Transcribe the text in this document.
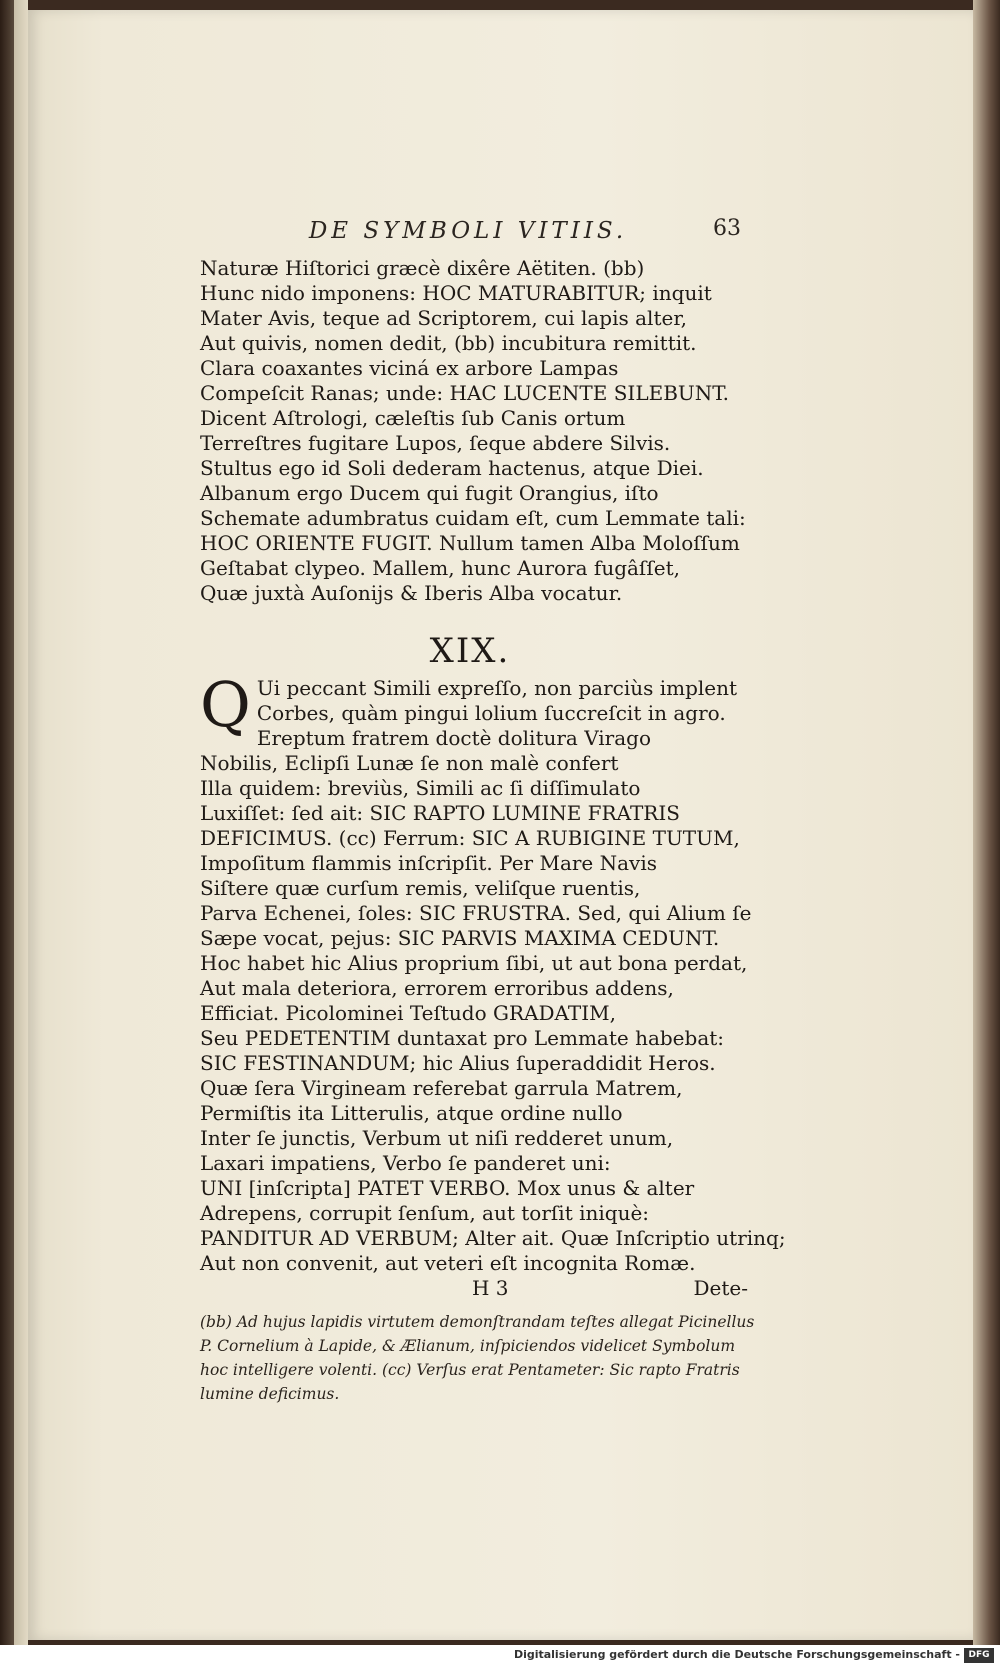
DE SYMBOLI VITIIS.	63
Naturæ Hiſtorici græcè dixêre Aëtiten. (bb)
Hunc nido imponens: HOC MATURABITUR; inquit
Mater Avis, teque ad Scriptorem, cui lapis alter,
Aut quivis, nomen dedit, (bb) incubitura remittit.
Clara coaxantes viciná ex arbore Lampas
Compeſcit Ranas; unde: HAC LUCENTE SILEBUNT.
Dicent Aſtrologi, cæleſtis ſub Canis ortum
Terreſtres fugitare Lupos, ſeque abdere Silvis.
Stultus ego id Soli dederam hactenus, atque Diei.
Albanum ergo Ducem qui fugit Orangius, iſto
Schemate adumbratus cuidam eſt, cum Lemmate tali:
HOC ORIENTE FUGIT. Nullum tamen Alba Moloſſum
Geſtabat clypeo. Mallem, hunc Aurora fugâſſet,
Quæ juxtà Auſonijs & Iberis Alba vocatur.
XIX.
Q Ui peccant Simili expreſſo, non parciùs implent
Corbes, quàm pingui lolium ſuccreſcit in agro.
Ereptum fratrem doctè dolitura Virago
Nobilis, Eclipſi Lunæ ſe non malè confert
Illa quidem: breviùs, Simili ac ſi diſſimulato
Luxiſſet: ſed ait: SIC RAPTO LUMINE FRATRIS
DEFICIMUS. (cc) Ferrum: SIC A RUBIGINE TUTUM,
Impoſitum flammis inſcripſit. Per Mare Navis
Siſtere quæ curſum remis, veliſque ruentis,
Parva Echenei, ſoles: SIC FRUSTRA. Sed, qui Alium ſe
Sæpe vocat, pejus: SIC PARVIS MAXIMA CEDUNT.
Hoc habet hic Alius proprium ſibi, ut aut bona perdat,
Aut mala deteriora, errorem erroribus addens,
Efficiat. Picolominei Teſtudo GRADATIM,
Seu PEDETENTIM duntaxat pro Lemmate habebat:
SIC FESTINANDUM; hic Alius ſuperaddidit Heros.
Quæ ſera Virgineam referebat garrula Matrem,
Permiſtis ita Litterulis, atque ordine nullo
Inter ſe junctis, Verbum ut niſi redderet unum,
Laxari impatiens, Verbo ſe panderet uni:
UNI [inſcripta] PATET VERBO. Mox unus & alter
Adrepens, corrupit ſenſum, aut torſit iniquè:
PANDITUR AD VERBUM; Alter ait. Quæ Inſcriptio utrinq;
Aut non convenit, aut veteri eſt incognita Romæ.
H 3	Dete-
(bb) Ad hujus lapidis virtutem demonſtrandam teſtes allegat Picinellus
P. Cornelium à Lapide, & Ælianum, inſpiciendos videlicet Symbolum
hoc intelligere volenti. (cc) Verſus erat Pentameter: Sic rapto Fratris
lumine deficimus.
Digitalisierung gefördert durch die Deutsche Forschungsgemeinschaft - DFG
